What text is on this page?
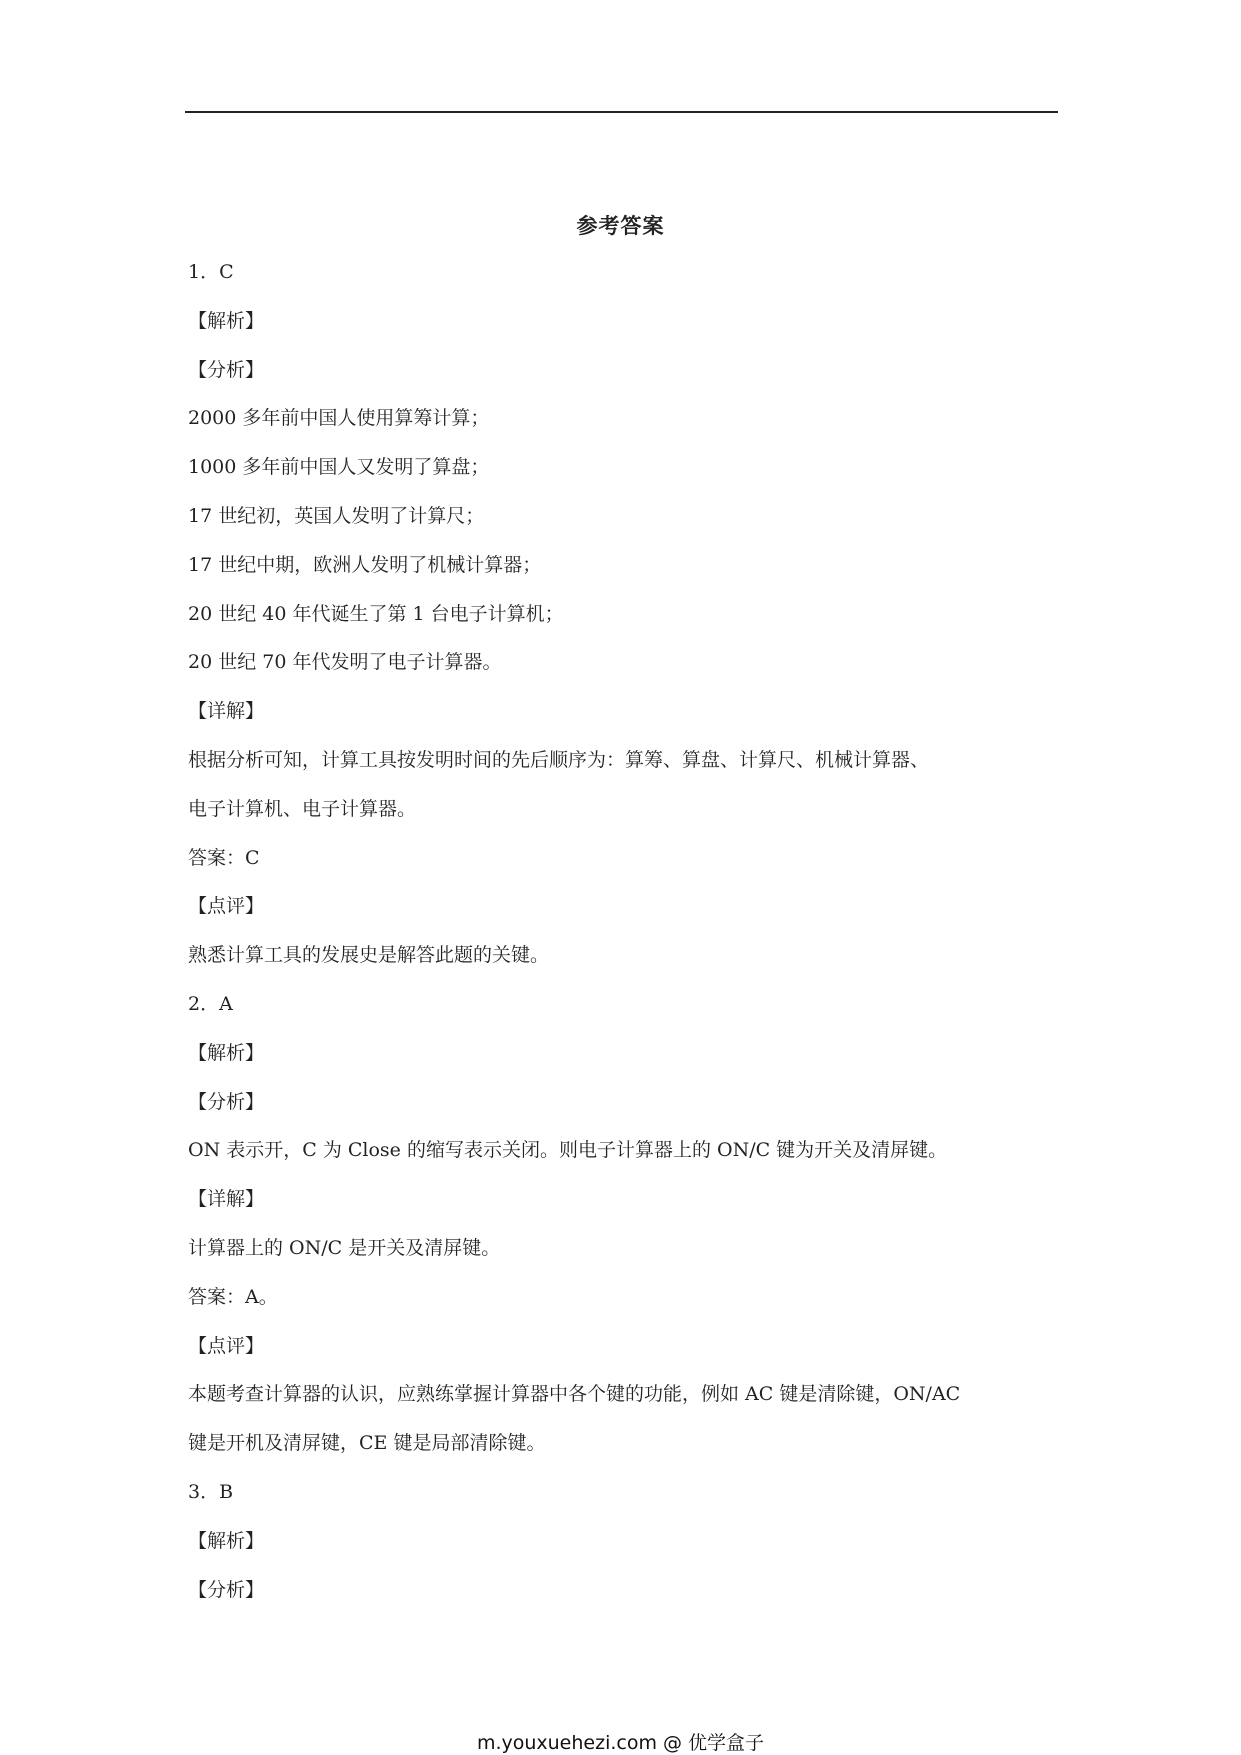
参考答案
1．C
【解析】
【分析】
2000 多年前中国人使用算筹计算；
1000 多年前中国人又发明了算盘；
17 世纪初，英国人发明了计算尺；
17 世纪中期，欧洲人发明了机械计算器；
20 世纪 40 年代诞生了第 1 台电子计算机；
20 世纪 70 年代发明了电子计算器。
【详解】
根据分析可知，计算工具按发明时间的先后顺序为：算筹、算盘、计算尺、机械计算器、
电子计算机、电子计算器。
答案：C
【点评】
熟悉计算工具的发展史是解答此题的关键。
2．A
【解析】
【分析】
ON 表示开，C 为 Close 的缩写表示关闭。则电子计算器上的 ON/C 键为开关及清屏键。
【详解】
计算器上的 ON/C 是开关及清屏键。
答案：A。
【点评】
本题考查计算器的认识，应熟练掌握计算器中各个键的功能，例如 AC 键是清除键，ON/AC
键是开机及清屏键，CE 键是局部清除键。
3．B
【解析】
【分析】
m.youxuehezi.com @ 优学盒子
